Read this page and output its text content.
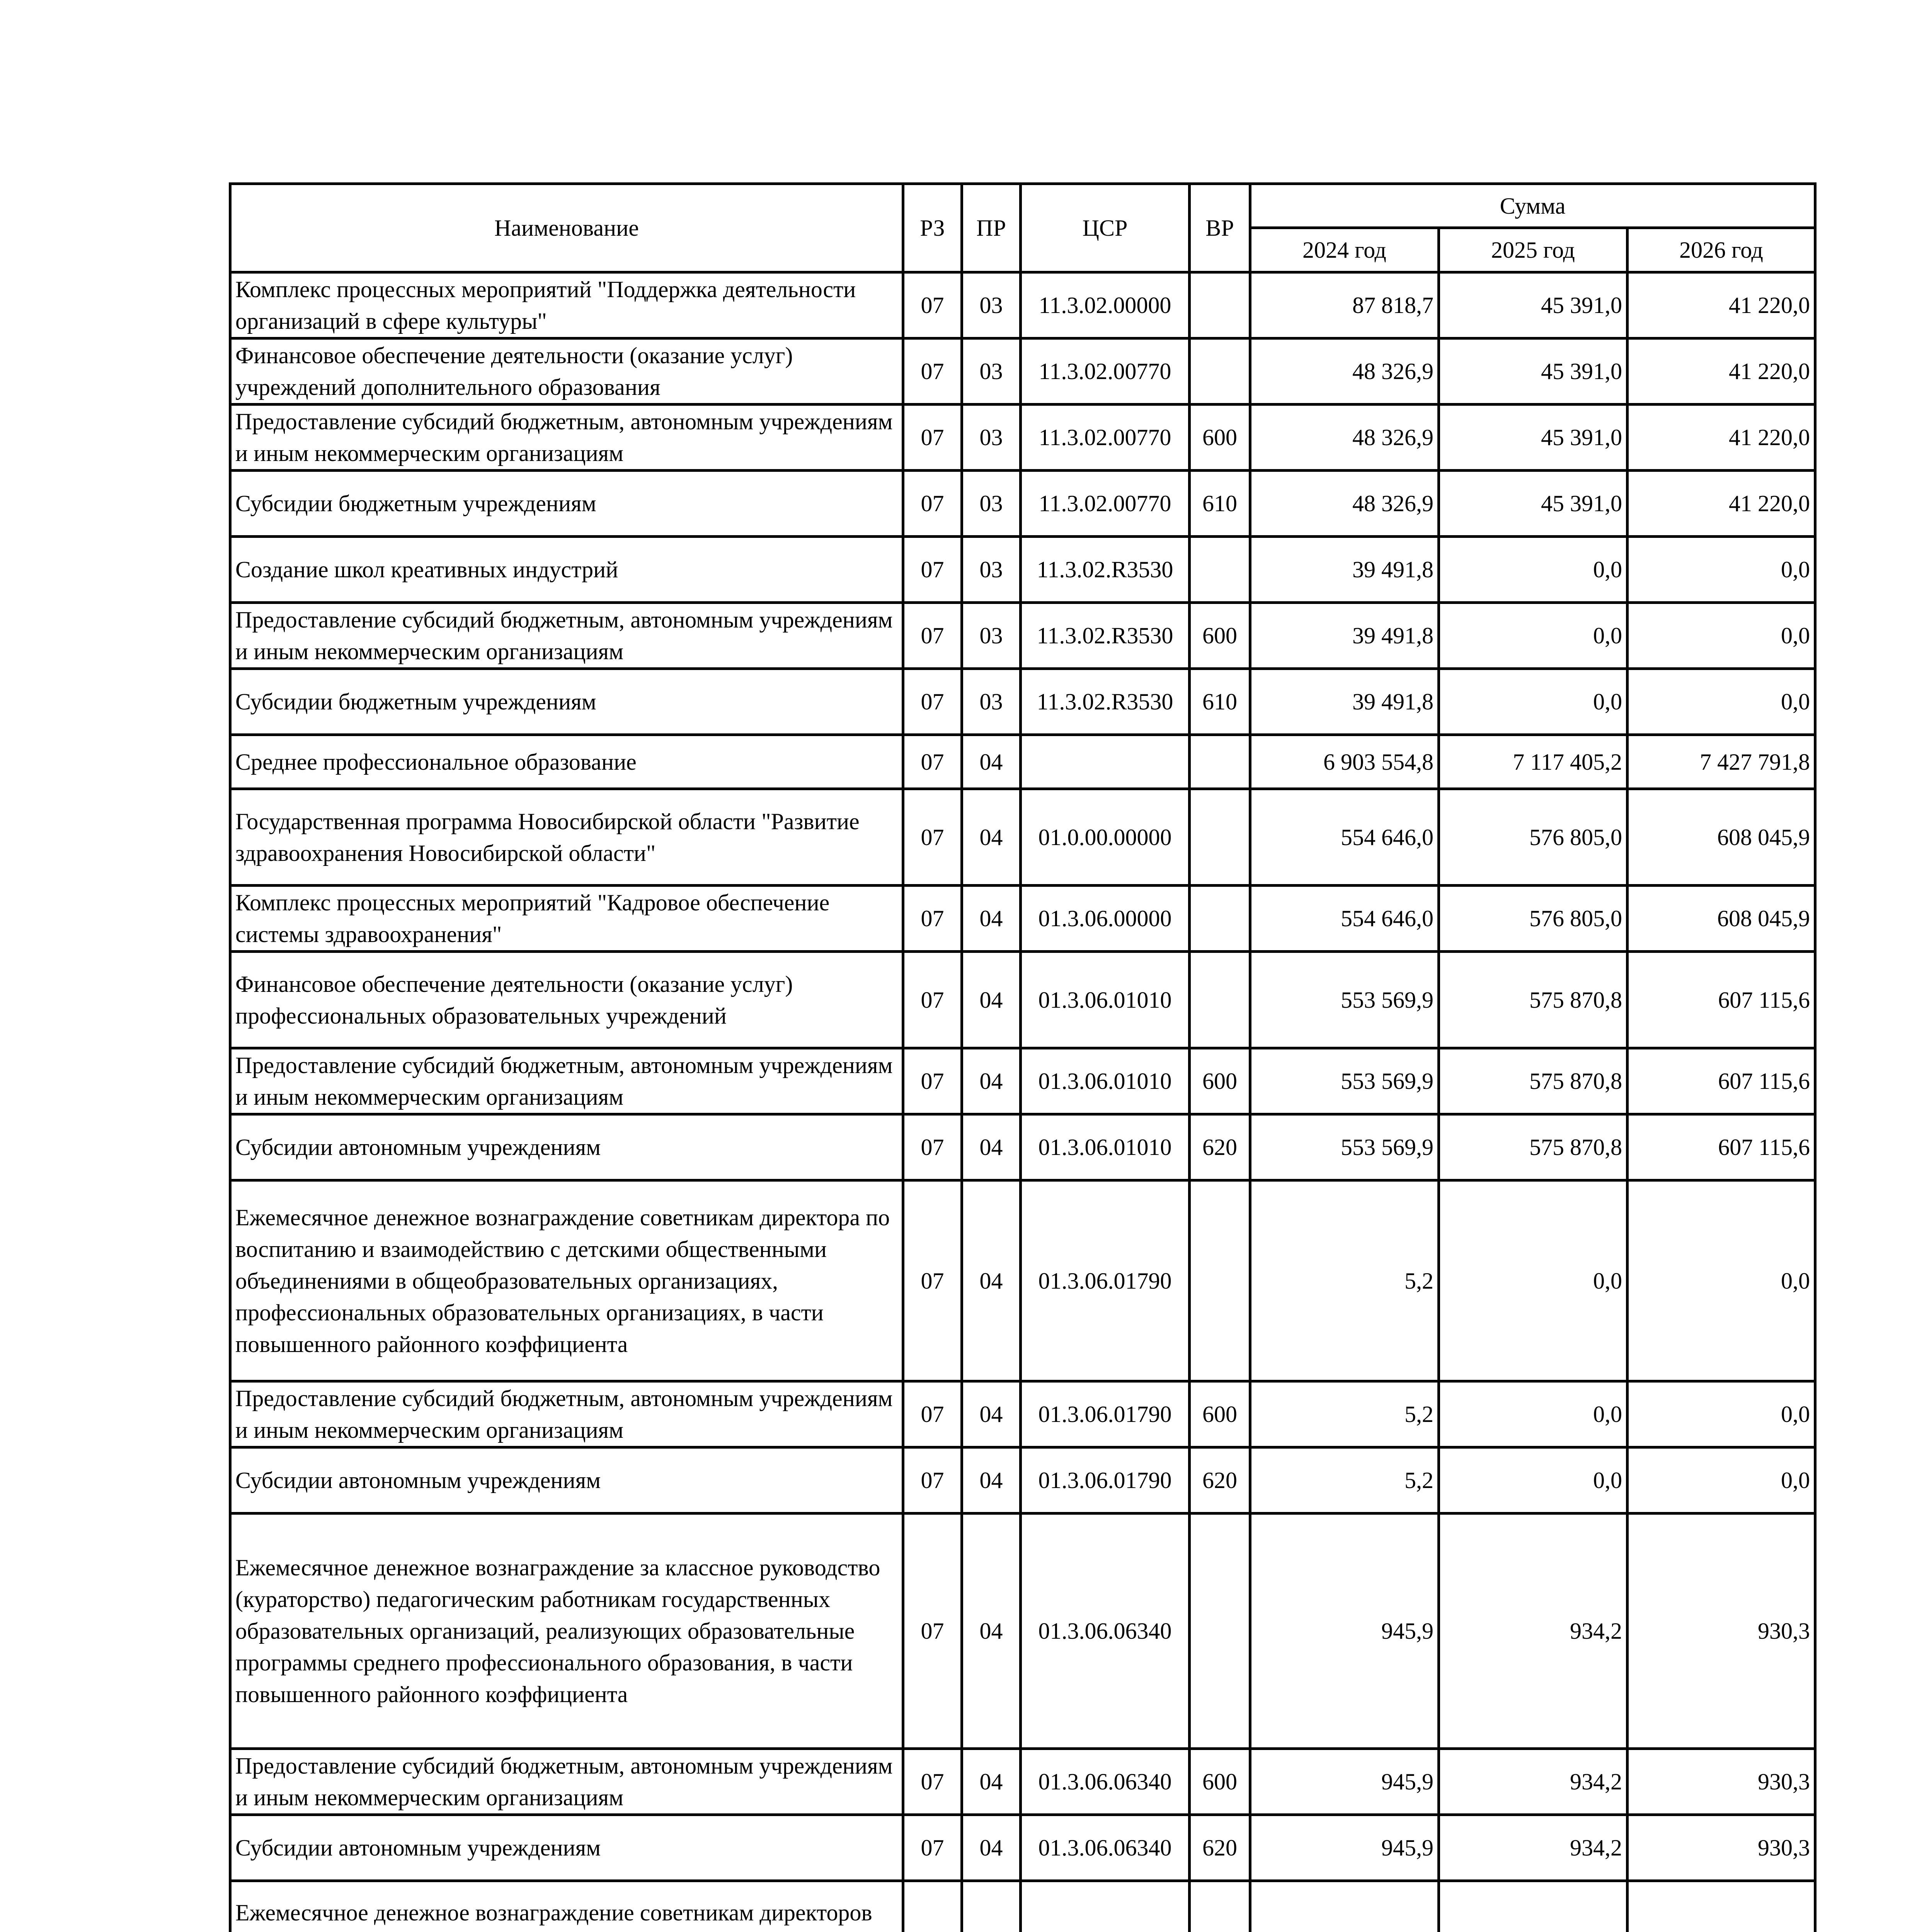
Наименование	РЗ	ПР	ЦСР	ВР	Сумма		
					2024 год	2025 год	2026 год
Комплекс процессных мероприятий "Поддержка деятельности организаций в сфере культуры"	07	03	11.3.02.00000		87 818,7	45 391,0	41 220,0
Финансовое обеспечение деятельности (оказание услуг) учреждений дополнительного образования	07	03	11.3.02.00770		48 326,9	45 391,0	41 220,0
Предоставление субсидий бюджетным, автономным учреждениям и иным некоммерческим организациям	07	03	11.3.02.00770	600	48 326,9	45 391,0	41 220,0
Субсидии бюджетным учреждениям	07	03	11.3.02.00770	610	48 326,9	45 391,0	41 220,0
Создание школ креативных индустрий	07	03	11.3.02.R3530		39 491,8	0,0	0,0
Предоставление субсидий бюджетным, автономным учреждениям и иным некоммерческим организациям	07	03	11.3.02.R3530	600	39 491,8	0,0	0,0
Субсидии бюджетным учреждениям	07	03	11.3.02.R3530	610	39 491,8	0,0	0,0
Среднее профессиональное образование	07	04			6 903 554,8	7 117 405,2	7 427 791,8
Государственная программа Новосибирской области "Развитие здравоохранения Новосибирской области"	07	04	01.0.00.00000		554 646,0	576 805,0	608 045,9
Комплекс процессных мероприятий "Кадровое обеспечение системы здравоохранения"	07	04	01.3.06.00000		554 646,0	576 805,0	608 045,9
Финансовое обеспечение деятельности (оказание услуг) профессиональных образовательных учреждений	07	04	01.3.06.01010		553 569,9	575 870,8	607 115,6
Предоставление субсидий бюджетным, автономным учреждениям и иным некоммерческим организациям	07	04	01.3.06.01010	600	553 569,9	575 870,8	607 115,6
Субсидии автономным учреждениям	07	04	01.3.06.01010	620	553 569,9	575 870,8	607 115,6
Ежемесячное денежное вознаграждение советникам директора по воспитанию и взаимодействию с детскими общественными объединениями в общеобразовательных организациях, профессиональных образовательных организациях, в части повышенного районного коэффициента	07	04	01.3.06.01790		5,2	0,0	0,0
Предоставление субсидий бюджетным, автономным учреждениям и иным некоммерческим организациям	07	04	01.3.06.01790	600	5,2	0,0	0,0
Субсидии автономным учреждениям	07	04	01.3.06.01790	620	5,2	0,0	0,0
Ежемесячное денежное вознаграждение за классное руководство (кураторство) педагогическим работникам государственных образовательных организаций, реализующих образовательные программы среднего профессионального образования, в части повышенного районного коэффициента	07	04	01.3.06.06340		945,9	934,2	930,3
Предоставление субсидий бюджетным, автономным учреждениям и иным некоммерческим организациям	07	04	01.3.06.06340	600	945,9	934,2	930,3
Субсидии автономным учреждениям	07	04	01.3.06.06340	620	945,9	934,2	930,3
Ежемесячное денежное вознаграждение советникам директоров							
